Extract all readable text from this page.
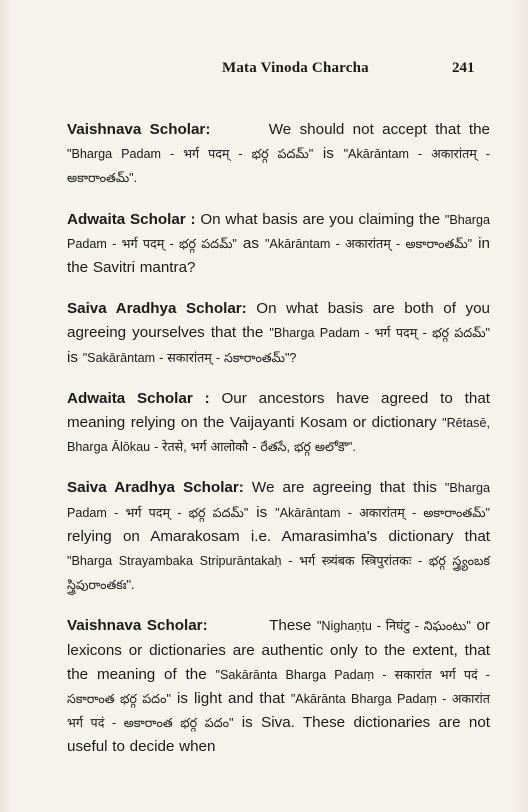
Mata Vinoda Charcha	241

Vaishnava Scholar:	We should not accept that the "Bharga Padam - भर्ग पदम् - భర్గ పదమ్" is "Akārāntam - अकारांतम् - అకారాంతమ్".

Adwaita Scholar : On what basis are you claiming the "Bharga Padam - भर्ग पदम् - భర్గ పదమ్" as "Akārāntam - अकारांतम् - అకారాంతమ్" in the Savitri mantra?

Saiva Aradhya Scholar: On what basis are both of you agreeing yourselves that the "Bharga Padam - भर्ग पदम् - భర్గ పదమ్" is "Sakārāntam - सकारांतम् - సకారాంతమ్"?

Adwaita Scholar : Our ancestors have agreed to that meaning relying on the Vaijayanti Kosam or dictionary "Rētasē, Bharga Ālōkau - रेतसे, भर्ग आलोकौ - రేతసే, భర్గ అలోకౌ".

Saiva Aradhya Scholar: We are agreeing that this "Bharga Padam - भर्ग पदम् - భర్గ పదమ్" is "Akārāntam - अकारांतम् - అకారాంతమ్" relying on Amarakosam i.e. Amarasimha's dictionary that "Bharga Strayambaka Stripurāntakaḥ - भर्ग स्त्र्यंबक स्त्रिपुरांतकः - భర్గ స్త్ర్యంబక స్త్రిపురాంతకః".

Vaishnava Scholar:	These "Nighaṇṭu - निघंटु - నిఘంటు" or lexicons or dictionaries are authentic only to the extent, that the meaning of the "Sakārānta Bharga Padaṃ - सकारांत भर्ग पदं - సకారాంత భర్గ పదం" is light and that "Akārānta Bharga Padaṃ - अकारांत भर्ग पदं - అకారాంత భర్గ పదం" is Siva. These dictionaries are not useful to decide when
